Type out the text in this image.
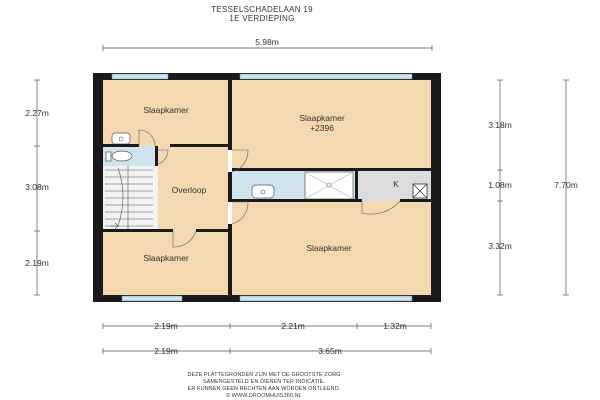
TESSELSCHADELAAN 19
1E VERDIEPING
5.98m
Slaapkamer
Slaapkamer
+2396
Overloop
Slaapkamer
Slaapkamer
K
2.27m
3.08m
2.19m
3.18m
1.08m
3.32m
7.70m
2.19m	2.21m	1.32m
2.19m	3.65m
DEZE PLATTEGRONDEN ZIJN MET DE GROOTSTE ZORG
SAMENGESTELD EN DIENEN TER INDICATIE.
ER KUNNEN GEEN RECHTEN AAN WORDEN ONTLEEND.
© WWW.DROOMHUIS360.NL
